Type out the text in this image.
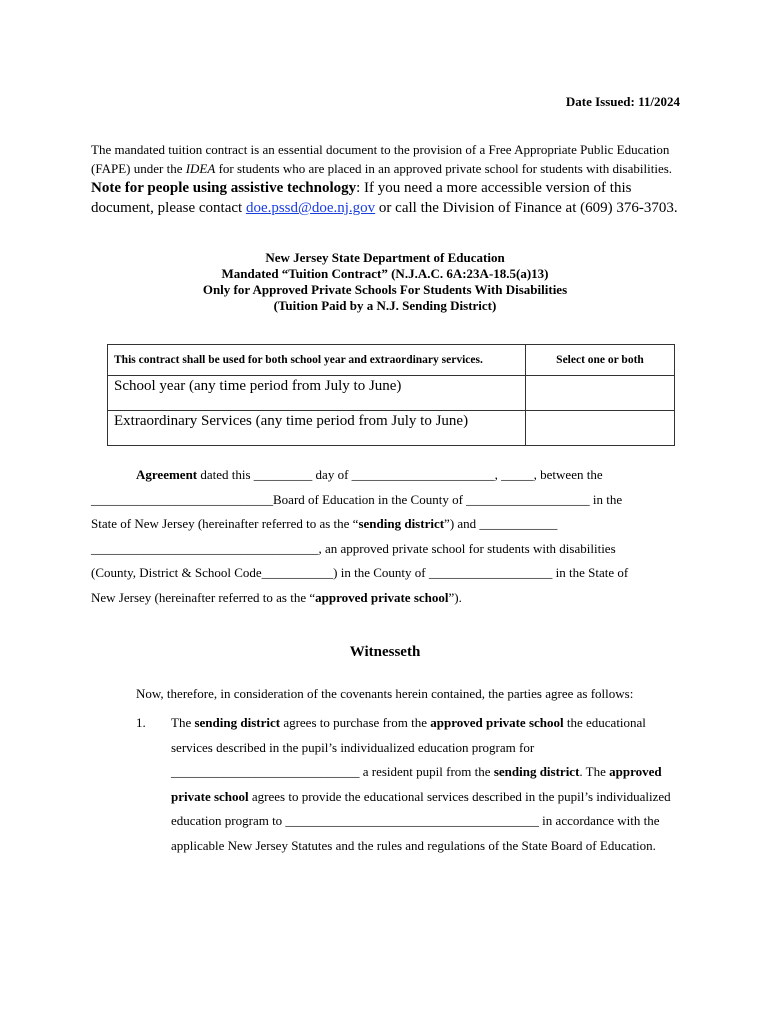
Date Issued: 11/2024
The mandated tuition contract is an essential document to the provision of a Free Appropriate Public Education (FAPE) under the IDEA for students who are placed in an approved private school for students with disabilities. Note for people using assistive technology: If you need a more accessible version of this document, please contact doe.pssd@doe.nj.gov or call the Division of Finance at (609) 376-3703.
New Jersey State Department of Education
Mandated “Tuition Contract” (N.J.A.C. 6A:23A-18.5(a)13)
Only for Approved Private Schools For Students With Disabilities
(Tuition Paid by a N.J. Sending District)
This contract shall be used for both school year and extraordinary services.	Select one or both
School year (any time period from July to June)	
Extraordinary Services (any time period from July to June)	
Agreement dated this _________ day of ______________________, _____, between the
____________________________Board of Education in the County of ___________________ in the
State of New Jersey (hereinafter referred to as the “sending district”) and ____________
___________________________________, an approved private school for students with disabilities
(County, District & School Code___________) in the County of ___________________ in the State of
New Jersey (hereinafter referred to as the “approved private school”).
Witnesseth
Now, therefore, in consideration of the covenants herein contained, the parties agree as follows:
1. The sending district agrees to purchase from the approved private school the educational services described in the pupil’s individualized education program for _____________________________ a resident pupil from the sending district. The approved private school agrees to provide the educational services described in the pupil’s individualized education program to _______________________________________ in accordance with the applicable New Jersey Statutes and the rules and regulations of the State Board of Education.
